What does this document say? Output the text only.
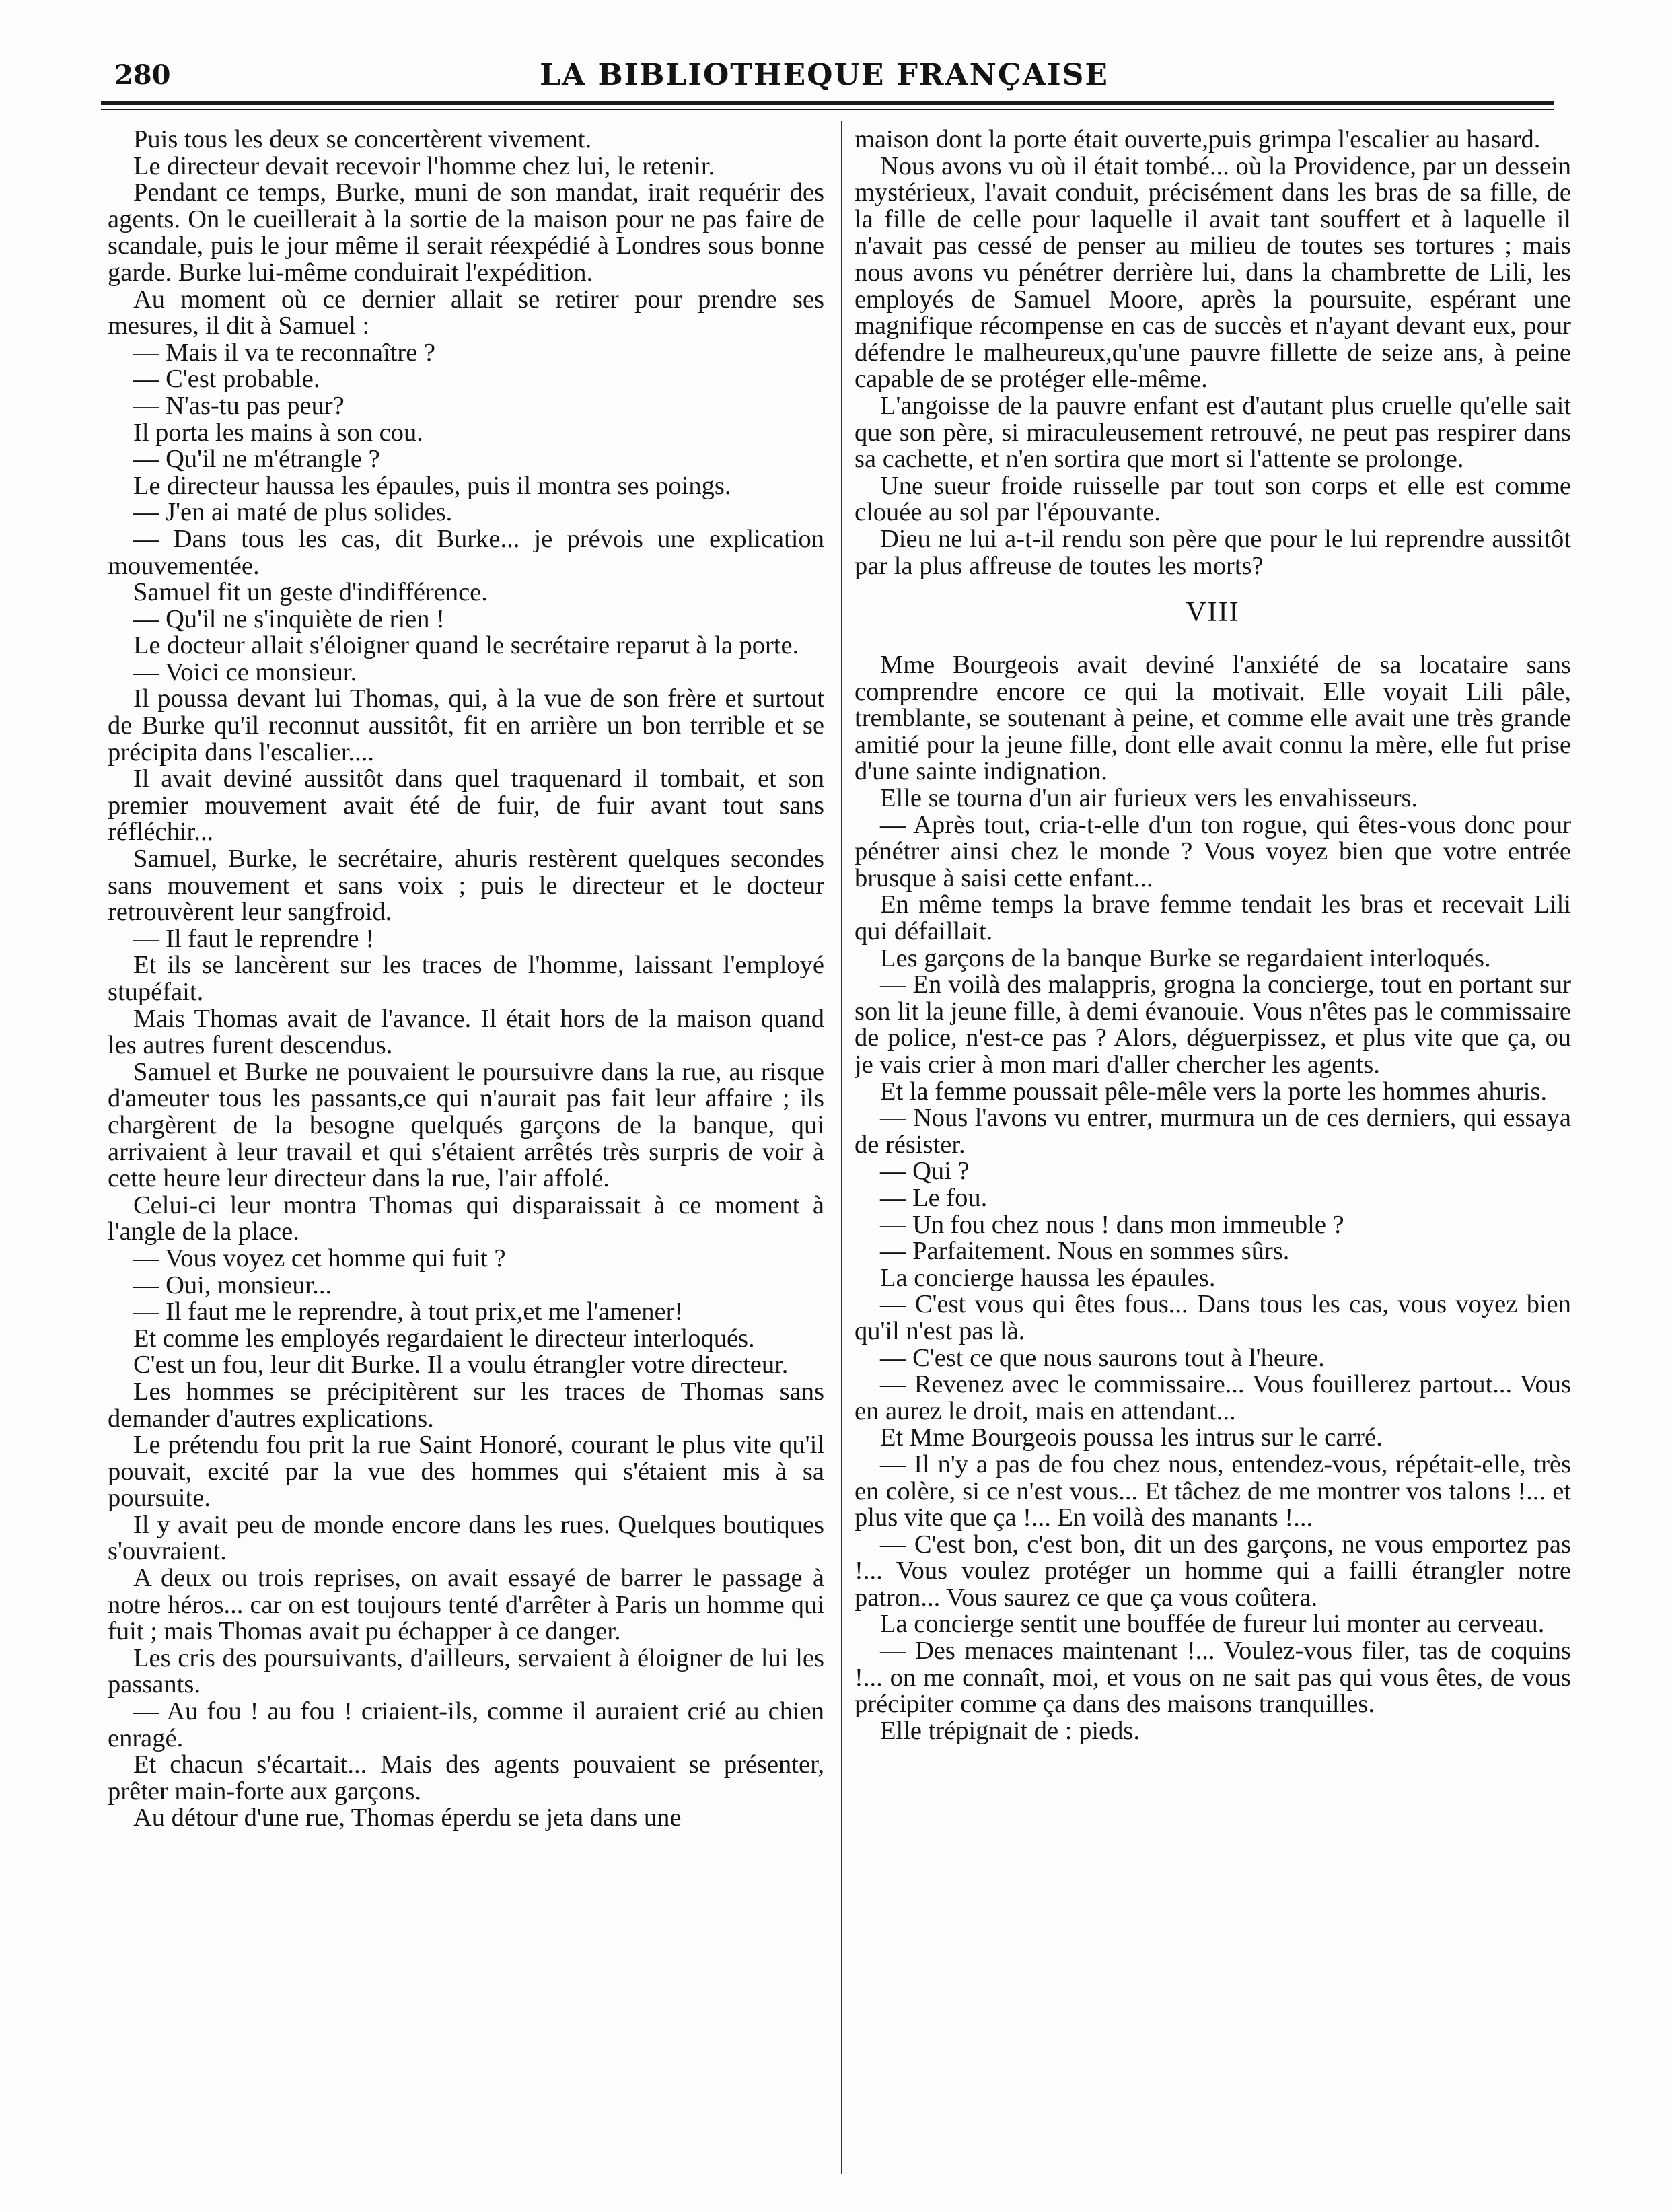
280	LA BIBLIOTHEQUE FRANÇAISE

Puis tous les deux se concertèrent vivement.

Le directeur devait recevoir l'homme chez lui, le retenir.

Pendant ce temps, Burke, muni de son mandat, irait requérir des agents. On le cueillerait à la sortie de la maison pour ne pas faire de scandale, puis le jour même il serait réexpédié à Londres sous bonne garde. Burke lui-même conduirait l'expédition.

Au moment où ce dernier allait se retirer pour prendre ses mesures, il dit à Samuel :

— Mais il va te reconnaître ?

— C'est probable.

— N'as-tu pas peur?

Il porta les mains à son cou.

— Qu'il ne m'étrangle ?

Le directeur haussa les épaules, puis il montra ses poings.

— J'en ai maté de plus solides.

— Dans tous les cas, dit Burke... je prévois une explication mouvementée.

Samuel fit un geste d'indifférence.

— Qu'il ne s'inquiète de rien !

Le docteur allait s'éloigner quand le secrétaire reparut à la porte.

— Voici ce monsieur.

Il poussa devant lui Thomas, qui, à la vue de son frère et surtout de Burke qu'il reconnut aussitôt, fit en arrière un bon terrible et se précipita dans l'escalier....

Il avait deviné aussitôt dans quel traquenard il tombait, et son premier mouvement avait été de fuir, de fuir avant tout sans réfléchir...

Samuel, Burke, le secrétaire, ahuris restèrent quelques secondes sans mouvement et sans voix ; puis le directeur et le docteur retrouvèrent leur sangfroid.

— Il faut le reprendre !

Et ils se lancèrent sur les traces de l'homme, laissant l'employé stupéfait.

Mais Thomas avait de l'avance. Il était hors de la maison quand les autres furent descendus.

Samuel et Burke ne pouvaient le poursuivre dans la rue, au risque d'ameuter tous les passants,ce qui n'aurait pas fait leur affaire ; ils chargèrent de la besogne quelqués garçons de la banque, qui arrivaient à leur travail et qui s'étaient arrêtés très surpris de voir à cette heure leur directeur dans la rue, l'air affolé.

Celui-ci leur montra Thomas qui disparaissait à ce moment à l'angle de la place.

— Vous voyez cet homme qui fuit ?

— Oui, monsieur...

— Il faut me le reprendre, à tout prix,et me l'amener!

Et comme les employés regardaient le directeur interloqués.

C'est un fou, leur dit Burke. Il a voulu étrangler votre directeur.

Les hommes se précipitèrent sur les traces de Thomas sans demander d'autres explications.

Le prétendu fou prit la rue Saint Honoré, courant le plus vite qu'il pouvait, excité par la vue des hommes qui s'étaient mis à sa poursuite.

Il y avait peu de monde encore dans les rues. Quelques boutiques s'ouvraient.

A deux ou trois reprises, on avait essayé de barrer le passage à notre héros... car on est toujours tenté d'arrêter à Paris un homme qui fuit ; mais Thomas avait pu échapper à ce danger.

Les cris des poursuivants, d'ailleurs, servaient à éloigner de lui les passants.

— Au fou ! au fou ! criaient-ils, comme il auraient crié au chien enragé.

Et chacun s'écartait... Mais des agents pouvaient se présenter, prêter main-forte aux garçons.

Au détour d'une rue, Thomas éperdu se jeta dans une

maison dont la porte était ouverte,puis grimpa l'escalier au hasard.

Nous avons vu où il était tombé... où la Providence, par un dessein mystérieux, l'avait conduit, précisément dans les bras de sa fille, de la fille de celle pour laquelle il avait tant souffert et à laquelle il n'avait pas cessé de penser au milieu de toutes ses tortures ; mais nous avons vu pénétrer derrière lui, dans la chambrette de Lili, les employés de Samuel Moore, après la poursuite, espérant une magnifique récompense en cas de succès et n'ayant devant eux, pour défendre le malheureux,qu'une pauvre fillette de seize ans, à peine capable de se protéger elle-même.

L'angoisse de la pauvre enfant est d'autant plus cruelle qu'elle sait que son père, si miraculeusement retrouvé, ne peut pas respirer dans sa cachette, et n'en sortira que mort si l'attente se prolonge.

Une sueur froide ruisselle par tout son corps et elle est comme clouée au sol par l'épouvante.

Dieu ne lui a-t-il rendu son père que pour le lui reprendre aussitôt par la plus affreuse de toutes les morts?

VIII

Mme Bourgeois avait deviné l'anxiété de sa locataire sans comprendre encore ce qui la motivait. Elle voyait Lili pâle, tremblante, se soutenant à peine, et comme elle avait une très grande amitié pour la jeune fille, dont elle avait connu la mère, elle fut prise d'une sainte indignation.

Elle se tourna d'un air furieux vers les envahisseurs.

— Après tout, cria-t-elle d'un ton rogue, qui êtes-vous donc pour pénétrer ainsi chez le monde ? Vous voyez bien que votre entrée brusque à saisi cette enfant...

En même temps la brave femme tendait les bras et recevait Lili qui défaillait.

Les garçons de la banque Burke se regardaient interloqués.

— En voilà des malappris, grogna la concierge, tout en portant sur son lit la jeune fille, à demi évanouie. Vous n'êtes pas le commissaire de police, n'est-ce pas ? Alors, déguerpissez, et plus vite que ça, ou je vais crier à mon mari d'aller chercher les agents.

Et la femme poussait pêle-mêle vers la porte les hommes ahuris.

— Nous l'avons vu entrer, murmura un de ces derniers, qui essaya de résister.

— Qui ?

— Le fou.

— Un fou chez nous ! dans mon immeuble ?

— Parfaitement. Nous en sommes sûrs.

La concierge haussa les épaules.

— C'est vous qui êtes fous... Dans tous les cas, vous voyez bien qu'il n'est pas là.

— C'est ce que nous saurons tout à l'heure.

— Revenez avec le commissaire... Vous fouillerez partout... Vous en aurez le droit, mais en attendant...

Et Mme Bourgeois poussa les intrus sur le carré.

— Il n'y a pas de fou chez nous, entendez-vous, répétait-elle, très en colère, si ce n'est vous... Et tâchez de me montrer vos talons !... et plus vite que ça !... En voilà des manants !...

— C'est bon, c'est bon, dit un des garçons, ne vous emportez pas !... Vous voulez protéger un homme qui a failli étrangler notre patron... Vous saurez ce que ça vous coûtera.

La concierge sentit une bouffée de fureur lui monter au cerveau.

— Des menaces maintenant !... Voulez-vous filer, tas de coquins !... on me connaît, moi, et vous on ne sait pas qui vous êtes, de vous précipiter comme ça dans des maisons tranquilles.

Elle trépignait de : pieds.
